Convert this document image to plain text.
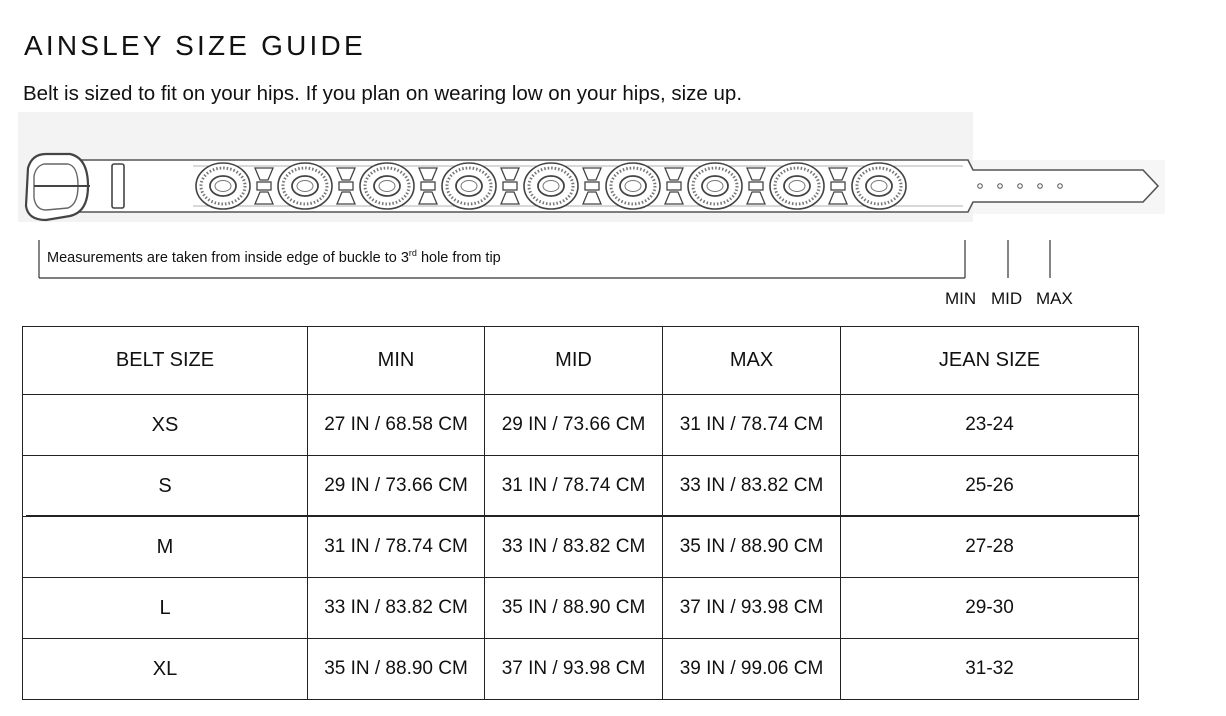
AINSLEY SIZE GUIDE

Belt is sized to fit on your hips. If you plan on wearing low on your hips, size up.

Measurements are taken from inside edge of buckle to 3rd hole from tip
MIN MID MAX
BELT SIZE	MIN	MID	MAX	JEAN SIZE
XS	27 IN / 68.58 CM	29 IN / 73.66 CM	31 IN / 78.74 CM	23-24
S	29 IN / 73.66 CM	31 IN / 78.74 CM	33 IN / 83.82 CM	25-26
M	31 IN / 78.74 CM	33 IN / 83.82 CM	35 IN / 88.90 CM	27-28
L	33 IN / 83.82 CM	35 IN / 88.90 CM	37 IN / 93.98 CM	29-30
XL	35 IN / 88.90 CM	37 IN / 93.98 CM	39 IN / 99.06 CM	31-32
